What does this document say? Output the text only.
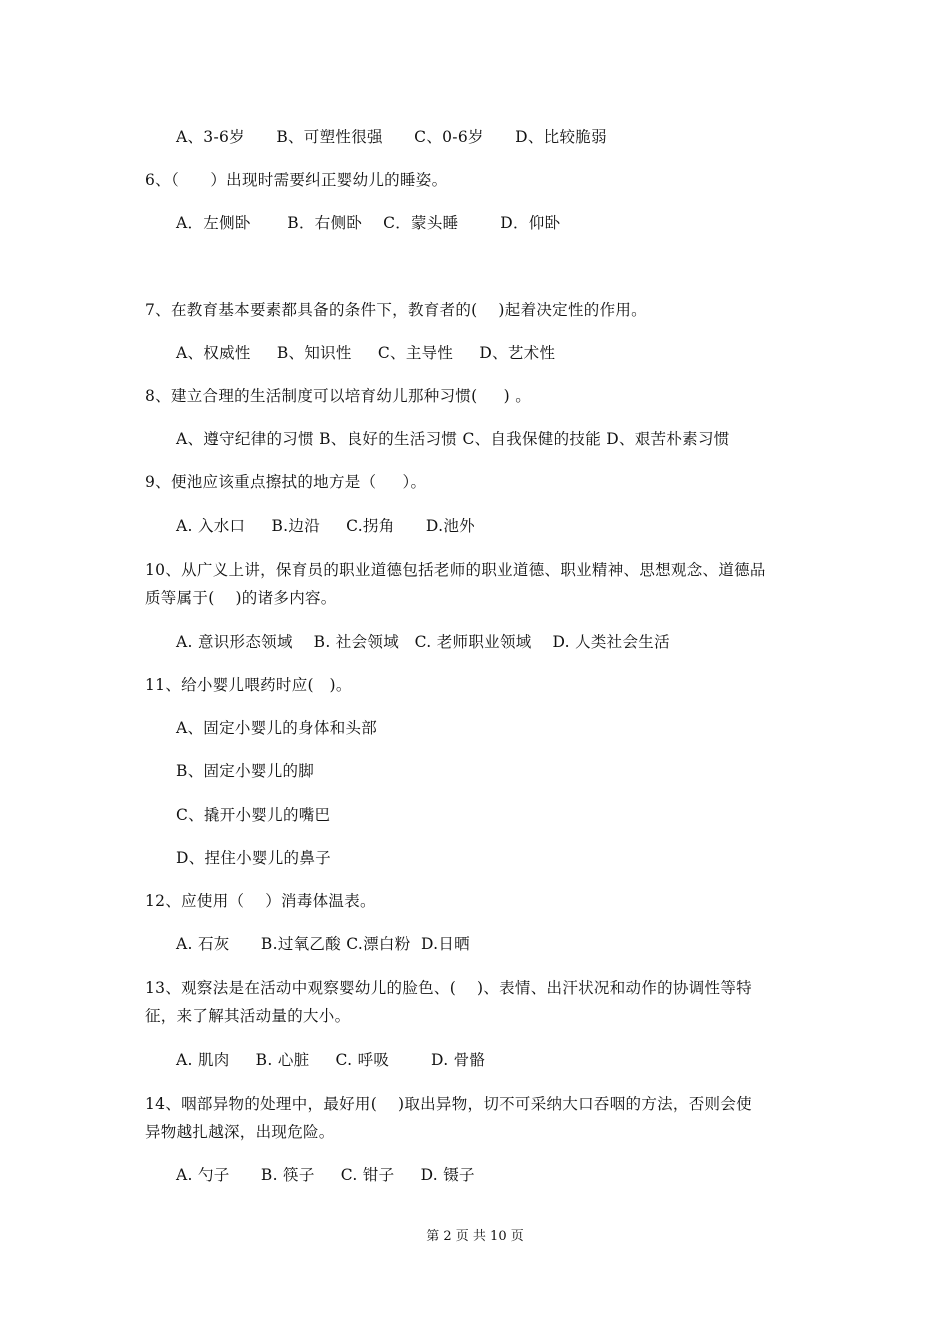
A、3-6岁      B、可塑性很强      C、0-6岁      D、比较脆弱
6、（      ）出现时需要纠正婴幼儿的睡姿。
A．左侧卧       B．右侧卧    C．蒙头睡        D．仰卧
7、在教育基本要素都具备的条件下，教育者的(    )起着决定性的作用。
A、权威性     B、知识性     C、主导性     D、艺术性
8、建立合理的生活制度可以培育幼儿那种习惯(     ) 。
A、遵守纪律的习惯 B、良好的生活习惯 C、自我保健的技能 D、艰苦朴素习惯
9、便池应该重点擦拭的地方是（     ）。
A. 入水口     B.边沿     C.拐角      D.池外
10、从广义上讲，保育员的职业道德包括老师的职业道德、职业精神、思想观念、道德品
质等属于(    )的诸多内容。
A. 意识形态领域    B. 社会领域   C. 老师职业领域    D. 人类社会生活
11、给小婴儿喂药时应(   )。
A、固定小婴儿的身体和头部
B、固定小婴儿的脚
C、撬开小婴儿的嘴巴
D、捏住小婴儿的鼻子
12、应使用（    ）消毒体温表。
A. 石灰      B.过氧乙酸 C.漂白粉  D.日晒
13、观察法是在活动中观察婴幼儿的脸色、(    )、表情、出汗状况和动作的协调性等特
征，来了解其活动量的大小。
A. 肌肉     B. 心脏     C. 呼吸        D. 骨骼
14、咽部异物的处理中，最好用(    )取出异物，切不可采纳大口吞咽的方法，否则会使
异物越扎越深，出现危险。
A. 勺子      B. 筷子     C. 钳子     D. 镊子
第 2 页 共 10 页
